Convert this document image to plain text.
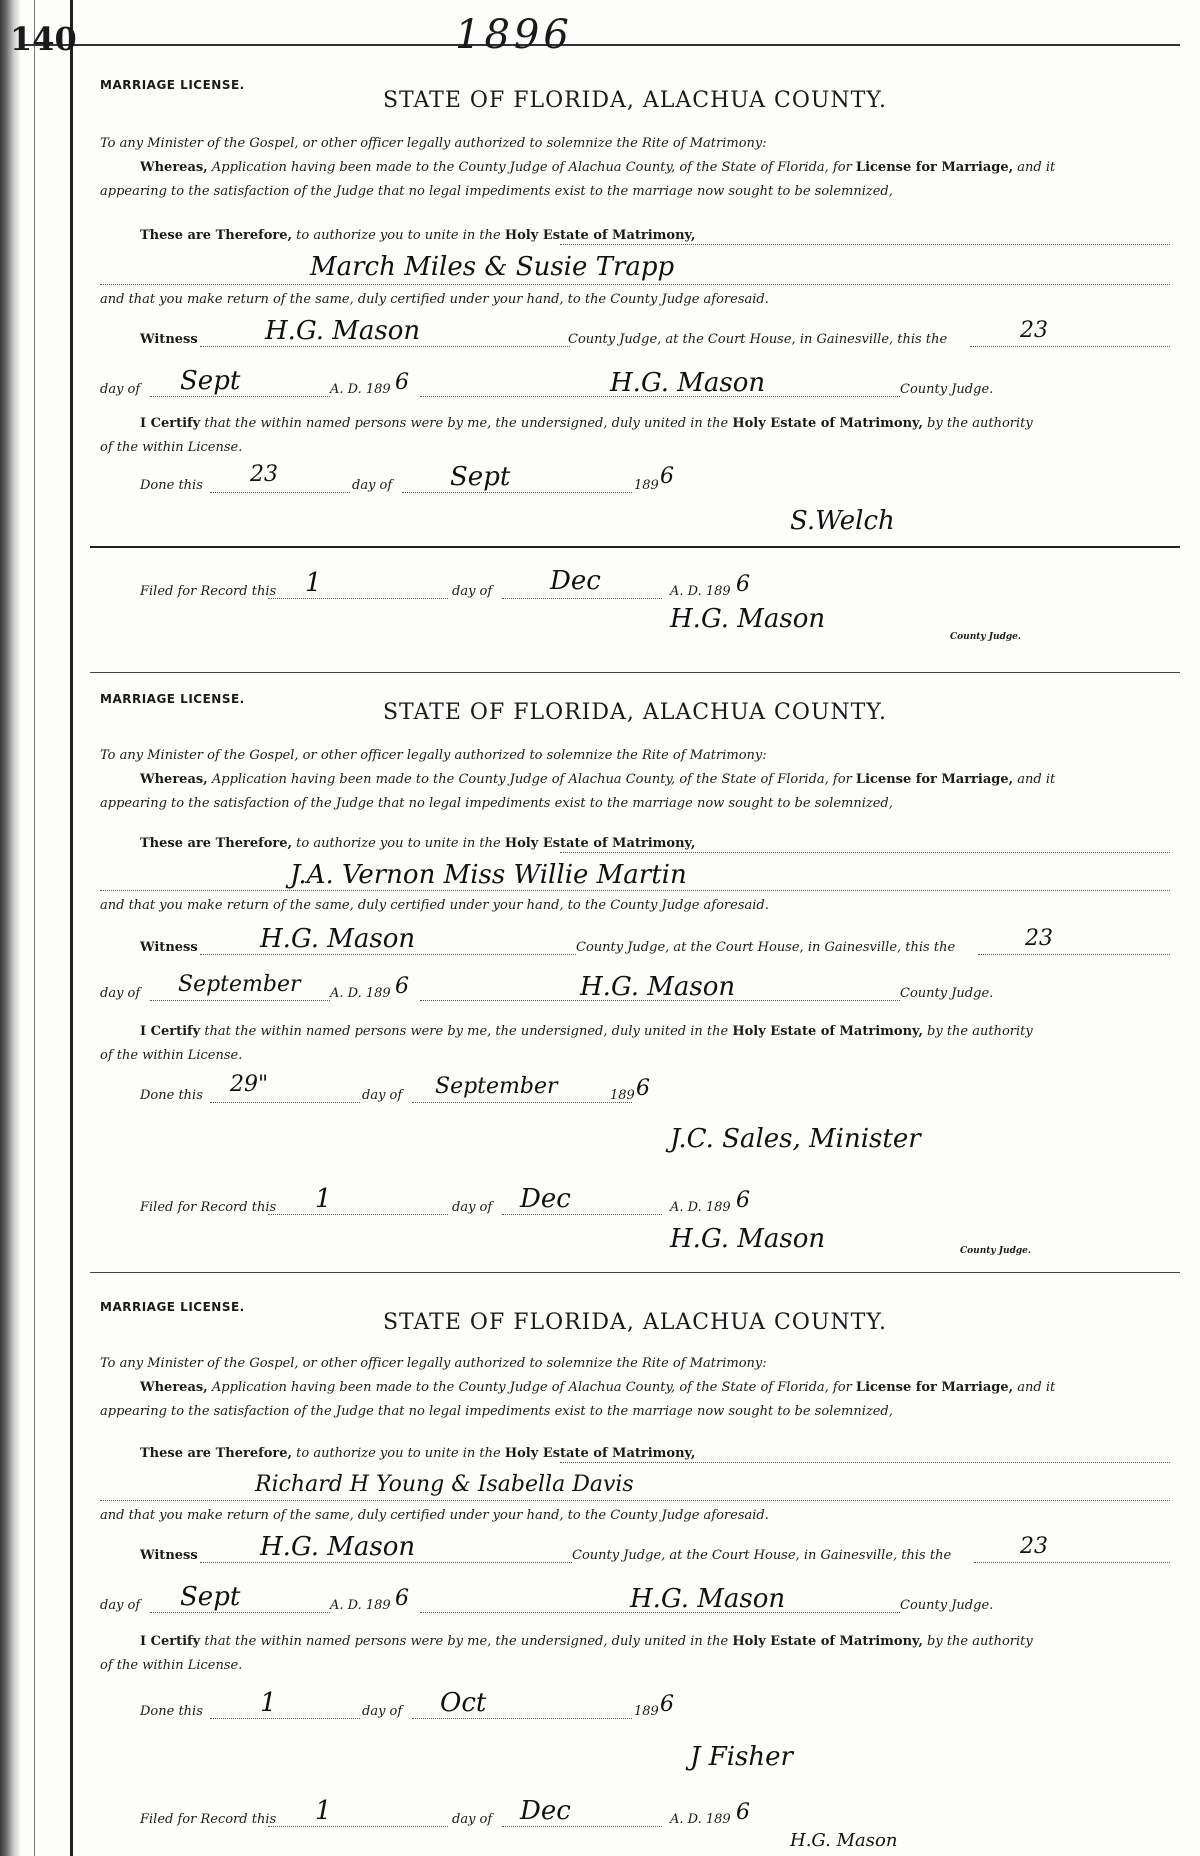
140	1896
MARRIAGE LICENSE.
STATE OF FLORIDA, ALACHUA COUNTY.
To any Minister of the Gospel, or other officer legally authorized to solemnize the Rite of Matrimony:
Whereas, Application having been made to the County Judge of Alachua County, of the State of Florida, for License for Marriage, and it
appearing to the satisfaction of the Judge that no legal impediments exist to the marriage now sought to be solemnized,
These are Therefore, to authorize you to unite in the Holy Estate of Matrimony,
March Miles & Susie Trapp
and that you make return of the same, duly certified under your hand, to the County Judge aforesaid.
Witness	H.G. Mason	County Judge, at the Court House, in Gainesville, this the	23
day of Sept	A. D. 189 6	H.G. Mason	County Judge.
I Certify that the within named persons were by me, the undersigned, duly united in the Holy Estate of Matrimony, by the authority
of the within License.
Done this 23	day of Sept	189 6
S.Welch
Filed for Record this 1	day of Dec	A. D. 189 6
H.G. Mason
County Judge.
MARRIAGE LICENSE.
STATE OF FLORIDA, ALACHUA COUNTY.
To any Minister of the Gospel, or other officer legally authorized to solemnize the Rite of Matrimony:
Whereas, Application having been made to the County Judge of Alachua County, of the State of Florida, for License for Marriage, and it
appearing to the satisfaction of the Judge that no legal impediments exist to the marriage now sought to be solemnized,
These are Therefore, to authorize you to unite in the Holy Estate of Matrimony,
J.A. Vernon Miss Willie Martin
and that you make return of the same, duly certified under your hand, to the County Judge aforesaid.
Witness H.G. Mason	County Judge, at the Court House, in Gainesville, this the	23
day of September A. D. 189 6	H.G. Mason	County Judge.
I Certify that the within named persons were by me, the undersigned, duly united in the Holy Estate of Matrimony, by the authority
of the within License.
Done this 29"	day of September	189 6
J.C. Sales, Minister
Filed for Record this 1	day of Dec	A. D. 189 6
H.G. Mason	County Judge.
MARRIAGE LICENSE.
STATE OF FLORIDA, ALACHUA COUNTY.
To any Minister of the Gospel, or other officer legally authorized to solemnize the Rite of Matrimony:
Whereas, Application having been made to the County Judge of Alachua County, of the State of Florida, for License for Marriage, and it
appearing to the satisfaction of the Judge that no legal impediments exist to the marriage now sought to be solemnized,
These are Therefore, to authorize you to unite in the Holy Estate of Matrimony,
Richard H Young & Isabella Davis
and that you make return of the same, duly certified under your hand, to the County Judge aforesaid.
Witness H.G. Mason	County Judge, at the Court House, in Gainesville, this the	23
day of Sept	A. D. 189 6	H.G. Mason	County Judge.
I Certify that the within named persons were by me, the undersigned, duly united in the Holy Estate of Matrimony, by the authority
of the within License.
Done this 1	day of Oct	189 6
J Fisher
Filed for Record this 1	day of Dec	A. D. 189 6
H.G. Mason
